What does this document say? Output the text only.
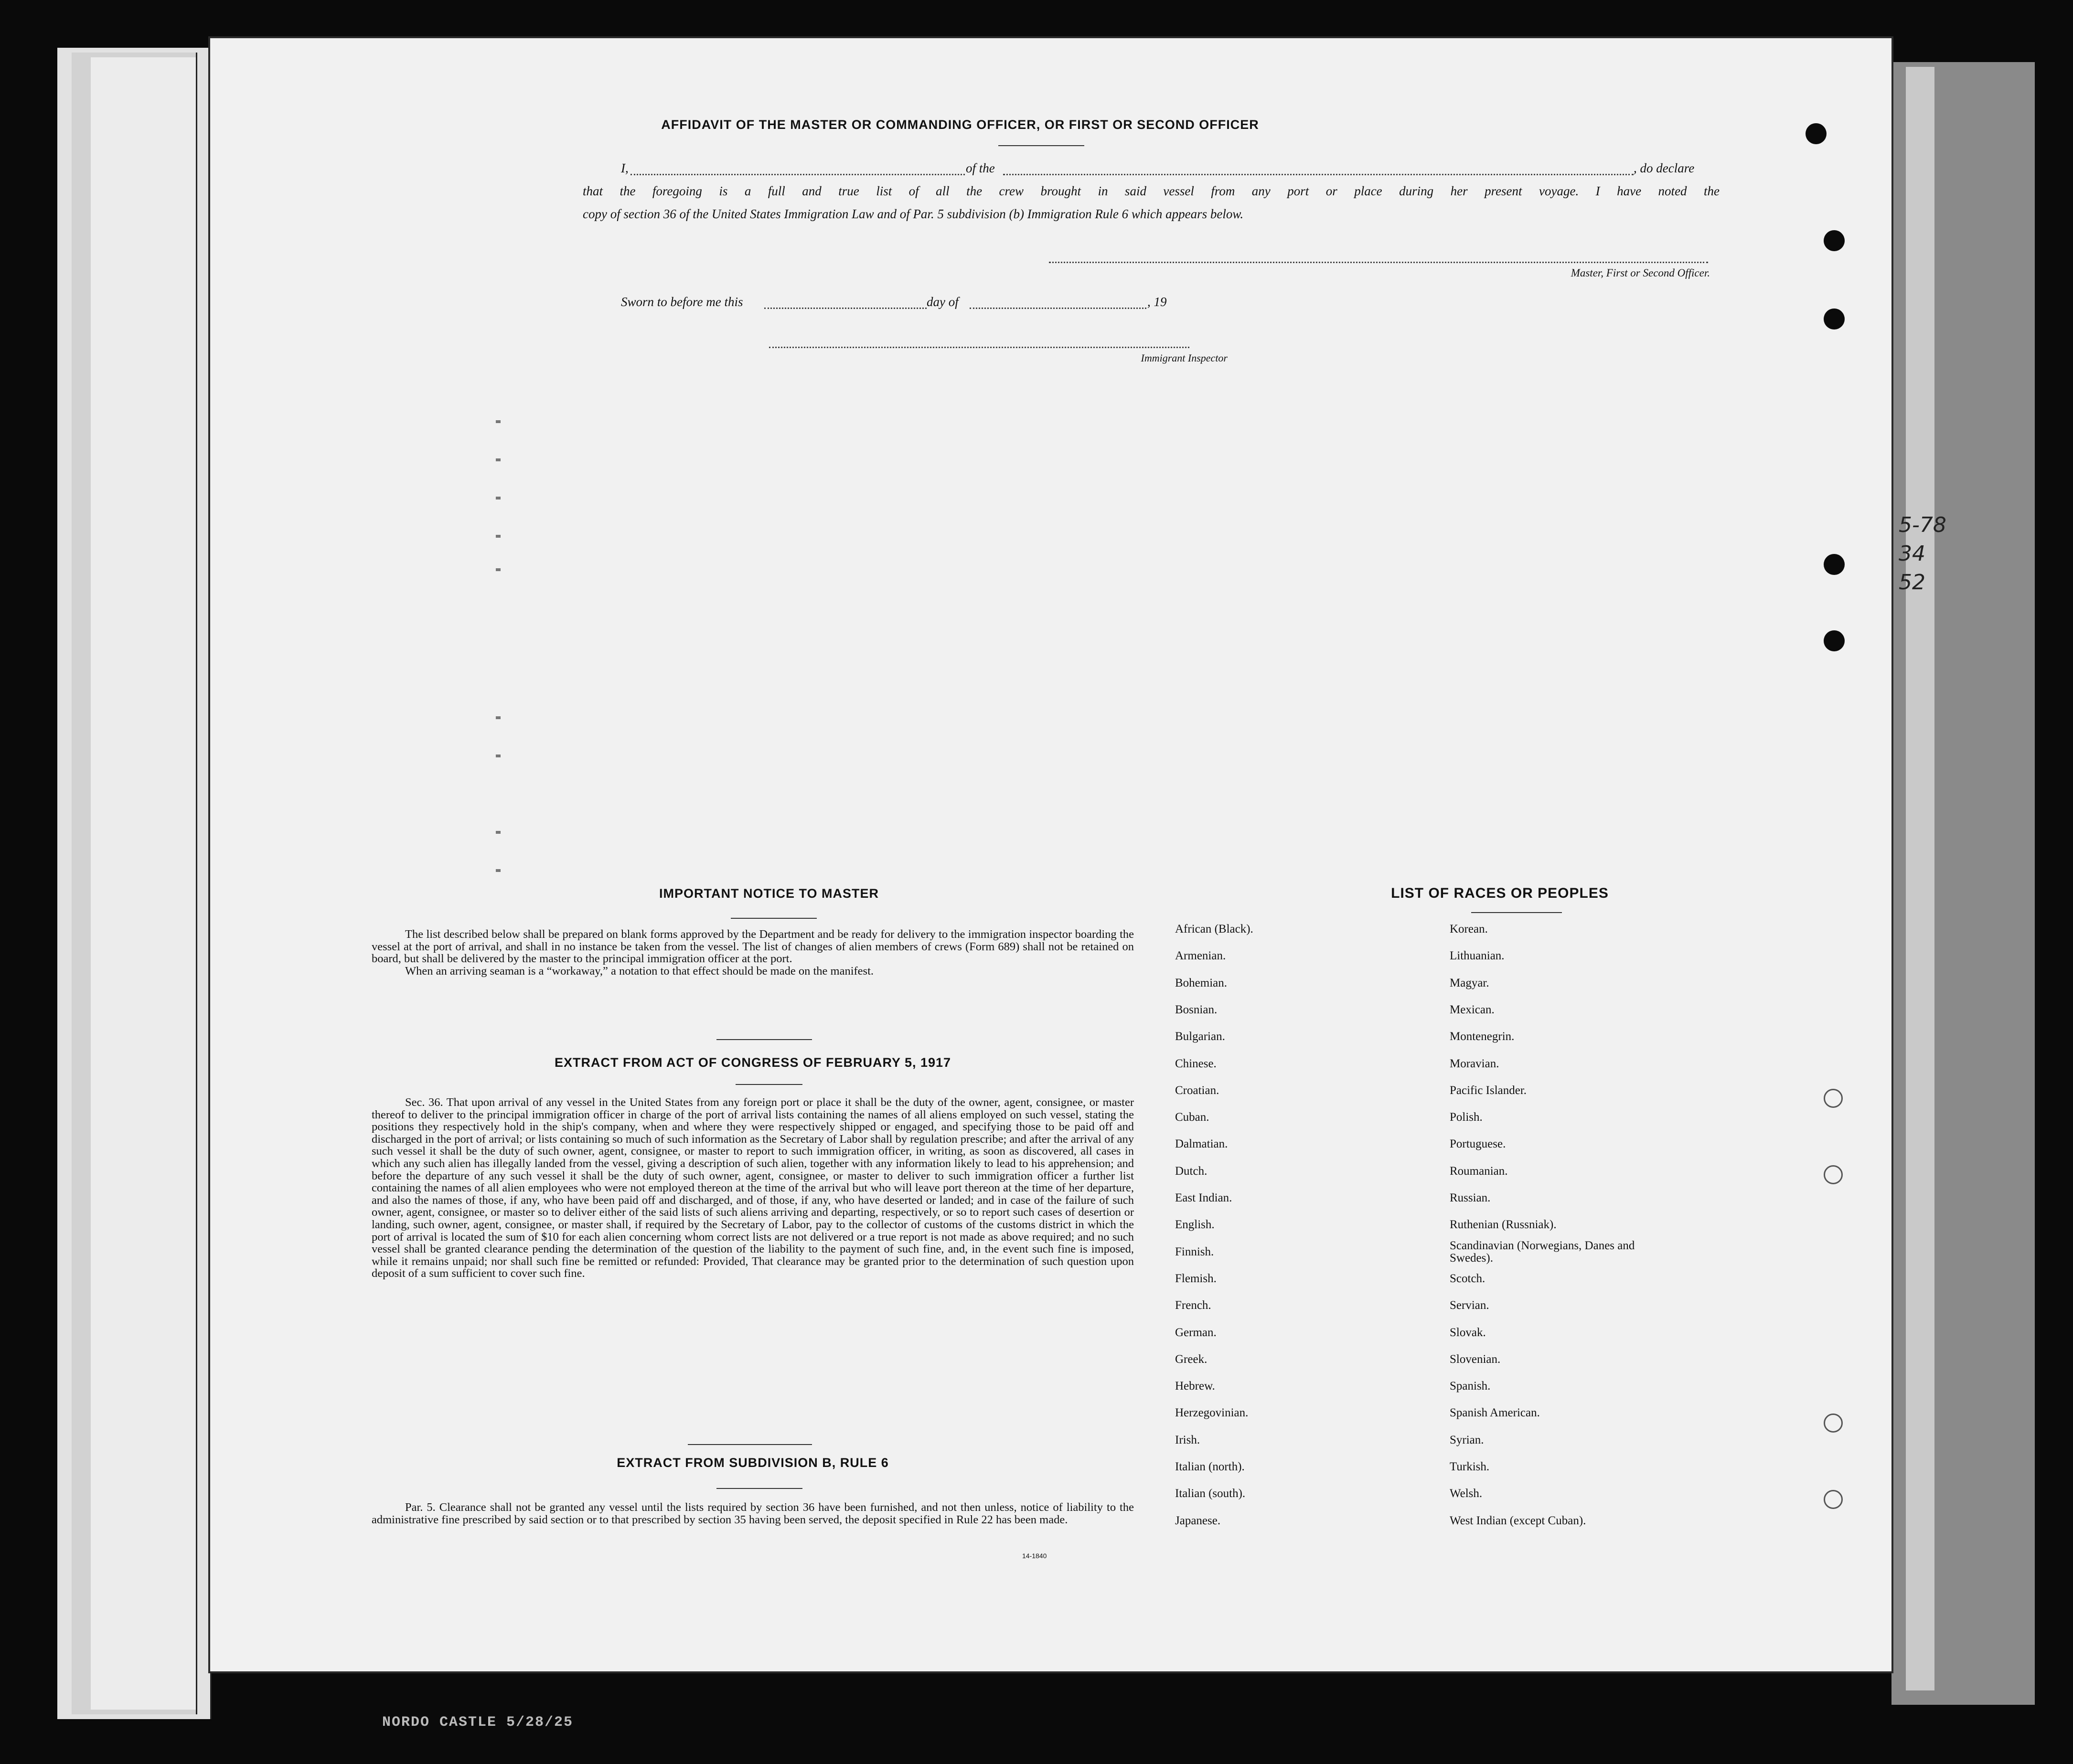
5-78
34
52
NORDO CASTLE 5/28/25
AFFIDAVIT OF THE MASTER OR COMMANDING OFFICER, OR FIRST OR SECOND OFFICER
I,	of the	, do declare
that the foregoing is a full and true list of all the crew brought in said vessel from any port or place during her present voyage. I have noted the
copy of section 36 of the United States Immigration Law and of Par. 5 subdivision (b) Immigration Rule 6 which appears below.
Master, First or Second Officer.
Sworn to before me this	day of	, 19
Immigrant Inspector
IMPORTANT NOTICE TO MASTER

The list described below shall be prepared on blank forms approved by the Department and be ready for delivery to the immigration inspector boarding the vessel at the port of arrival, and shall in no instance be taken from the vessel. The list of changes of alien members of crews (Form 689) shall not be retained on board, but shall be delivered by the master to the principal immigration officer at the port.

When an arriving seaman is a “workaway,” a notation to that effect should be made on the manifest.

EXTRACT FROM ACT OF CONGRESS OF FEBRUARY 5, 1917

Sec. 36. That upon arrival of any vessel in the United States from any foreign port or place it shall be the duty of the owner, agent, consignee, or master thereof to deliver to the principal immigration officer in charge of the port of arrival lists containing the names of all aliens employed on such vessel, stating the positions they respectively hold in the ship's company, when and where they were respectively shipped or engaged, and specifying those to be paid off and discharged in the port of arrival; or lists containing so much of such information as the Secretary of Labor shall by regulation prescribe; and after the arrival of any such vessel it shall be the duty of such owner, agent, consignee, or master to report to such immigration officer, in writing, as soon as discovered, all cases in which any such alien has illegally landed from the vessel, giving a description of such alien, together with any information likely to lead to his apprehension; and before the departure of any such vessel it shall be the duty of such owner, agent, consignee, or master to deliver to such immigration officer a further list containing the names of all alien employees who were not employed thereon at the time of the arrival but who will leave port thereon at the time of her departure, and also the names of those, if any, who have been paid off and discharged, and of those, if any, who have deserted or landed; and in case of the failure of such owner, agent, consignee, or master so to deliver either of the said lists of such aliens arriving and departing, respectively, or so to report such cases of desertion or landing, such owner, agent, consignee, or master shall, if required by the Secretary of Labor, pay to the collector of customs of the customs district in which the port of arrival is located the sum of $10 for each alien concerning whom correct lists are not delivered or a true report is not made as above required; and no such vessel shall be granted clearance pending the determination of the question of the liability to the payment of such fine, and, in the event such fine is imposed, while it remains unpaid; nor shall such fine be remitted or refunded: Provided, That clearance may be granted prior to the determination of such question upon deposit of a sum sufficient to cover such fine.

EXTRACT FROM SUBDIVISION B, RULE 6

Par. 5. Clearance shall not be granted any vessel until the lists required by section 36 have been furnished, and not then unless, notice of liability to the administrative fine prescribed by said section or to that prescribed by section 35 having been served, the deposit specified in Rule 22 has been made.

14-1840
LIST OF RACES OR PEOPLES
African (Black).
Armenian.
Bohemian.
Bosnian.
Bulgarian.
Chinese.
Croatian.
Cuban.
Dalmatian.
Dutch.
East Indian.
English.
Finnish.
Flemish.
French.
German.
Greek.
Hebrew.
Herzegovinian.
Irish.
Italian (north).
Italian (south).
Japanese.
Korean.
Lithuanian.
Magyar.
Mexican.
Montenegrin.
Moravian.
Pacific Islander.
Polish.
Portuguese.
Roumanian.
Russian.
Ruthenian (Russniak).
Scandinavian (Norwegians, Danes and Swedes).
Scotch.
Servian.
Slovak.
Slovenian.
Spanish.
Spanish American.
Syrian.
Turkish.
Welsh.
West Indian (except Cuban).
